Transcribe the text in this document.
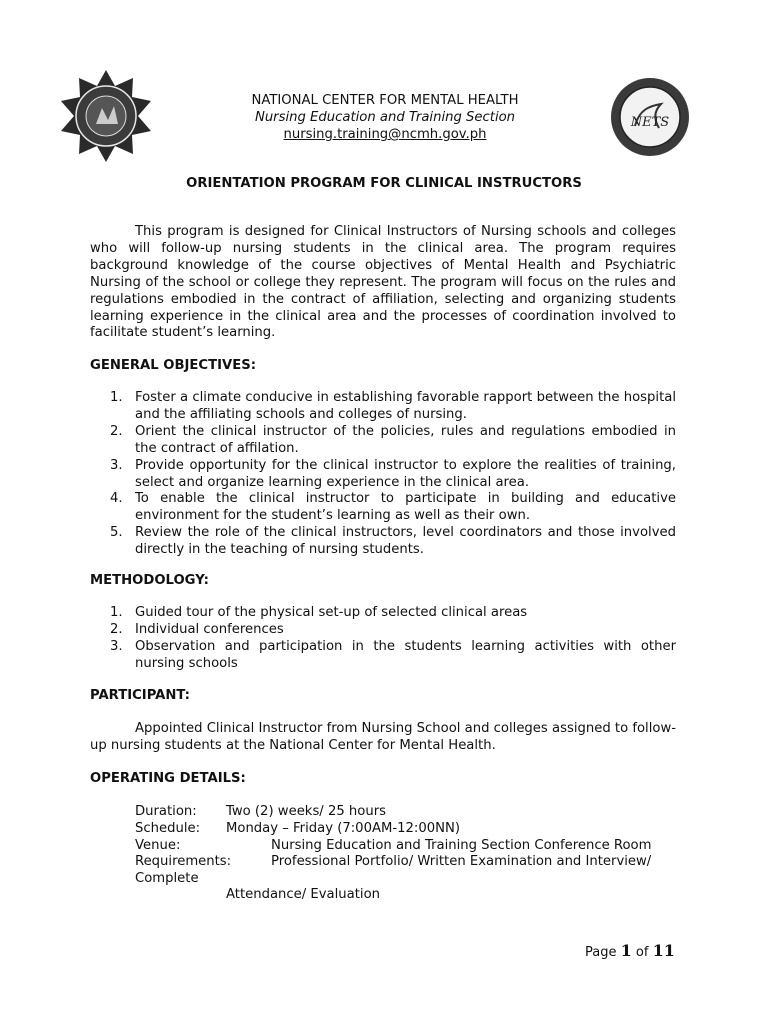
NETS
NATIONAL CENTER FOR MENTAL HEALTH
Nursing Education and Training Section
nursing.training@ncmh.gov.ph
ORIENTATION PROGRAM FOR CLINICAL INSTRUCTORS

This program is designed for Clinical Instructors of Nursing schools and colleges who will follow-up nursing students in the clinical area. The program requires background knowledge of the course objectives of Mental Health and Psychiatric Nursing of the school or college they represent. The program will focus on the rules and regulations embodied in the contract of affiliation, selecting and organizing students learning experience in the clinical area and the processes of coordination involved to facilitate student’s learning.

GENERAL OBJECTIVES:
1. Foster a climate conducive in establishing favorable rapport between the hospital and the affiliating schools and colleges of nursing.
2. Orient the clinical instructor of the policies, rules and regulations embodied in the contract of affilation.
3. Provide opportunity for the clinical instructor to explore the realities of training, select and organize learning experience in the clinical area.
4. To enable the clinical instructor to participate in building and educative environment for the student’s learning as well as their own.
5. Review the role of the clinical instructors, level coordinators and those involved directly in the teaching of nursing students.
METHODOLOGY:
1. Guided tour of the physical set-up of selected clinical areas
2. Individual conferences
3. Observation and participation in the students learning activities with other nursing schools
PARTICIPANT:

Appointed Clinical Instructor from Nursing School and colleges assigned to follow-up nursing students at the National Center for Mental Health.

OPERATING DETAILS:
Duration: Two (2) weeks/ 25 hours
Schedule: Monday – Friday (7:00AM-12:00NN)
Venue:	Nursing Education and Training Section Conference Room
Requirements:	Professional Portfolio/ Written Examination and Interview/
Complete
Attendance/ Evaluation
Page 1 of 11
